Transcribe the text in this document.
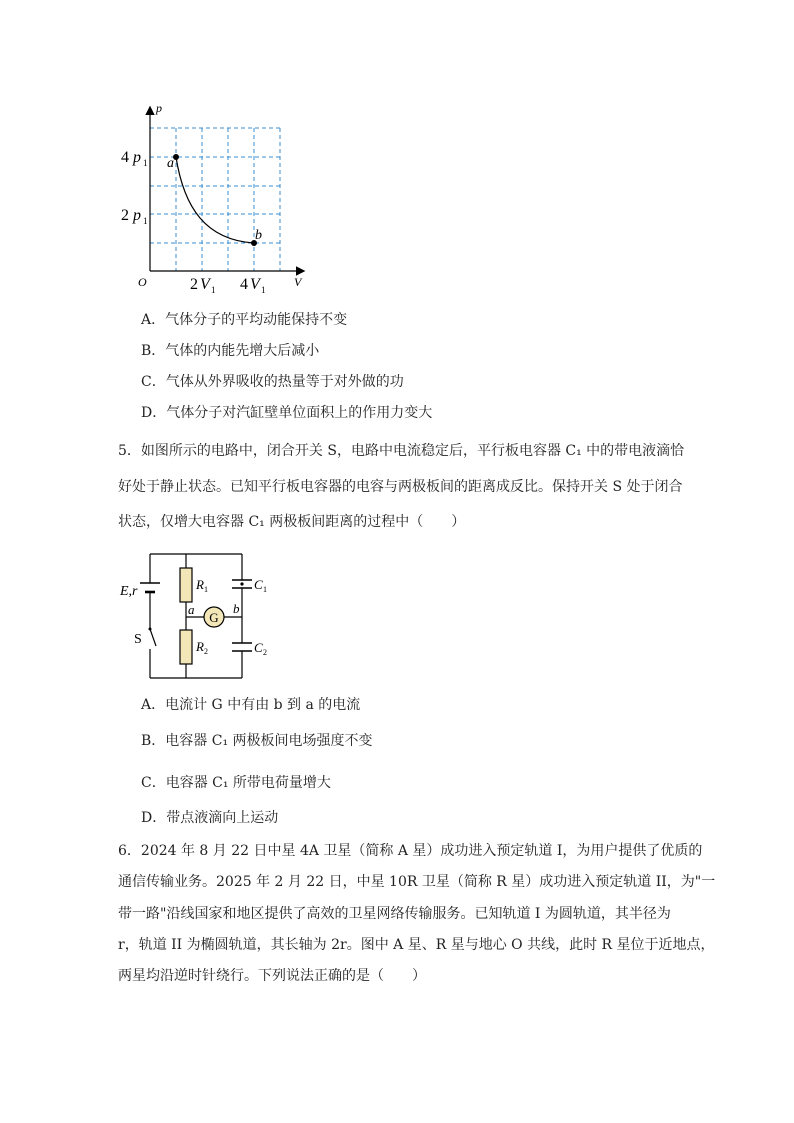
p
V
O
4 p 1
2 p 1
2 V 1 4 V 1
a
b
A．气体分子的平均动能保持不变
B．气体的内能先增大后减小
C．气体从外界吸收的热量等于对外做的功
D．气体分子对汽缸壁单位面积上的作用力变大
5．如图所示的电路中，闭合开关 S，电路中电流稳定后，平行板电容器 C₁ 中的带电液滴恰
好处于静止状态。已知平行板电容器的电容与两极板间的距离成反比。保持开关 S 处于闭合
状态，仅增大电容器 C₁ 两极板间距离的过程中（　　）
G
E,r
S
R 1
R 2
C 1
C 2
a	b
A．电流计 G 中有由 b 到 a 的电流
B．电容器 C₁ 两极板间电场强度不变
C．电容器 C₁ 所带电荷量增大
D．带点液滴向上运动
6．2024 年 8 月 22 日中星 4A 卫星（简称 A 星）成功进入预定轨道 I，为用户提供了优质的
通信传输业务。2025 年 2 月 22 日，中星 10R 卫星（简称 R 星）成功进入预定轨道 II，为"一
带一路"沿线国家和地区提供了高效的卫星网络传输服务。已知轨道 I 为圆轨道，其半径为
r，轨道 II 为椭圆轨道，其长轴为 2r。图中 A 星、R 星与地心 O 共线，此时 R 星位于近地点，
两星均沿逆时针绕行。下列说法正确的是（　　）
